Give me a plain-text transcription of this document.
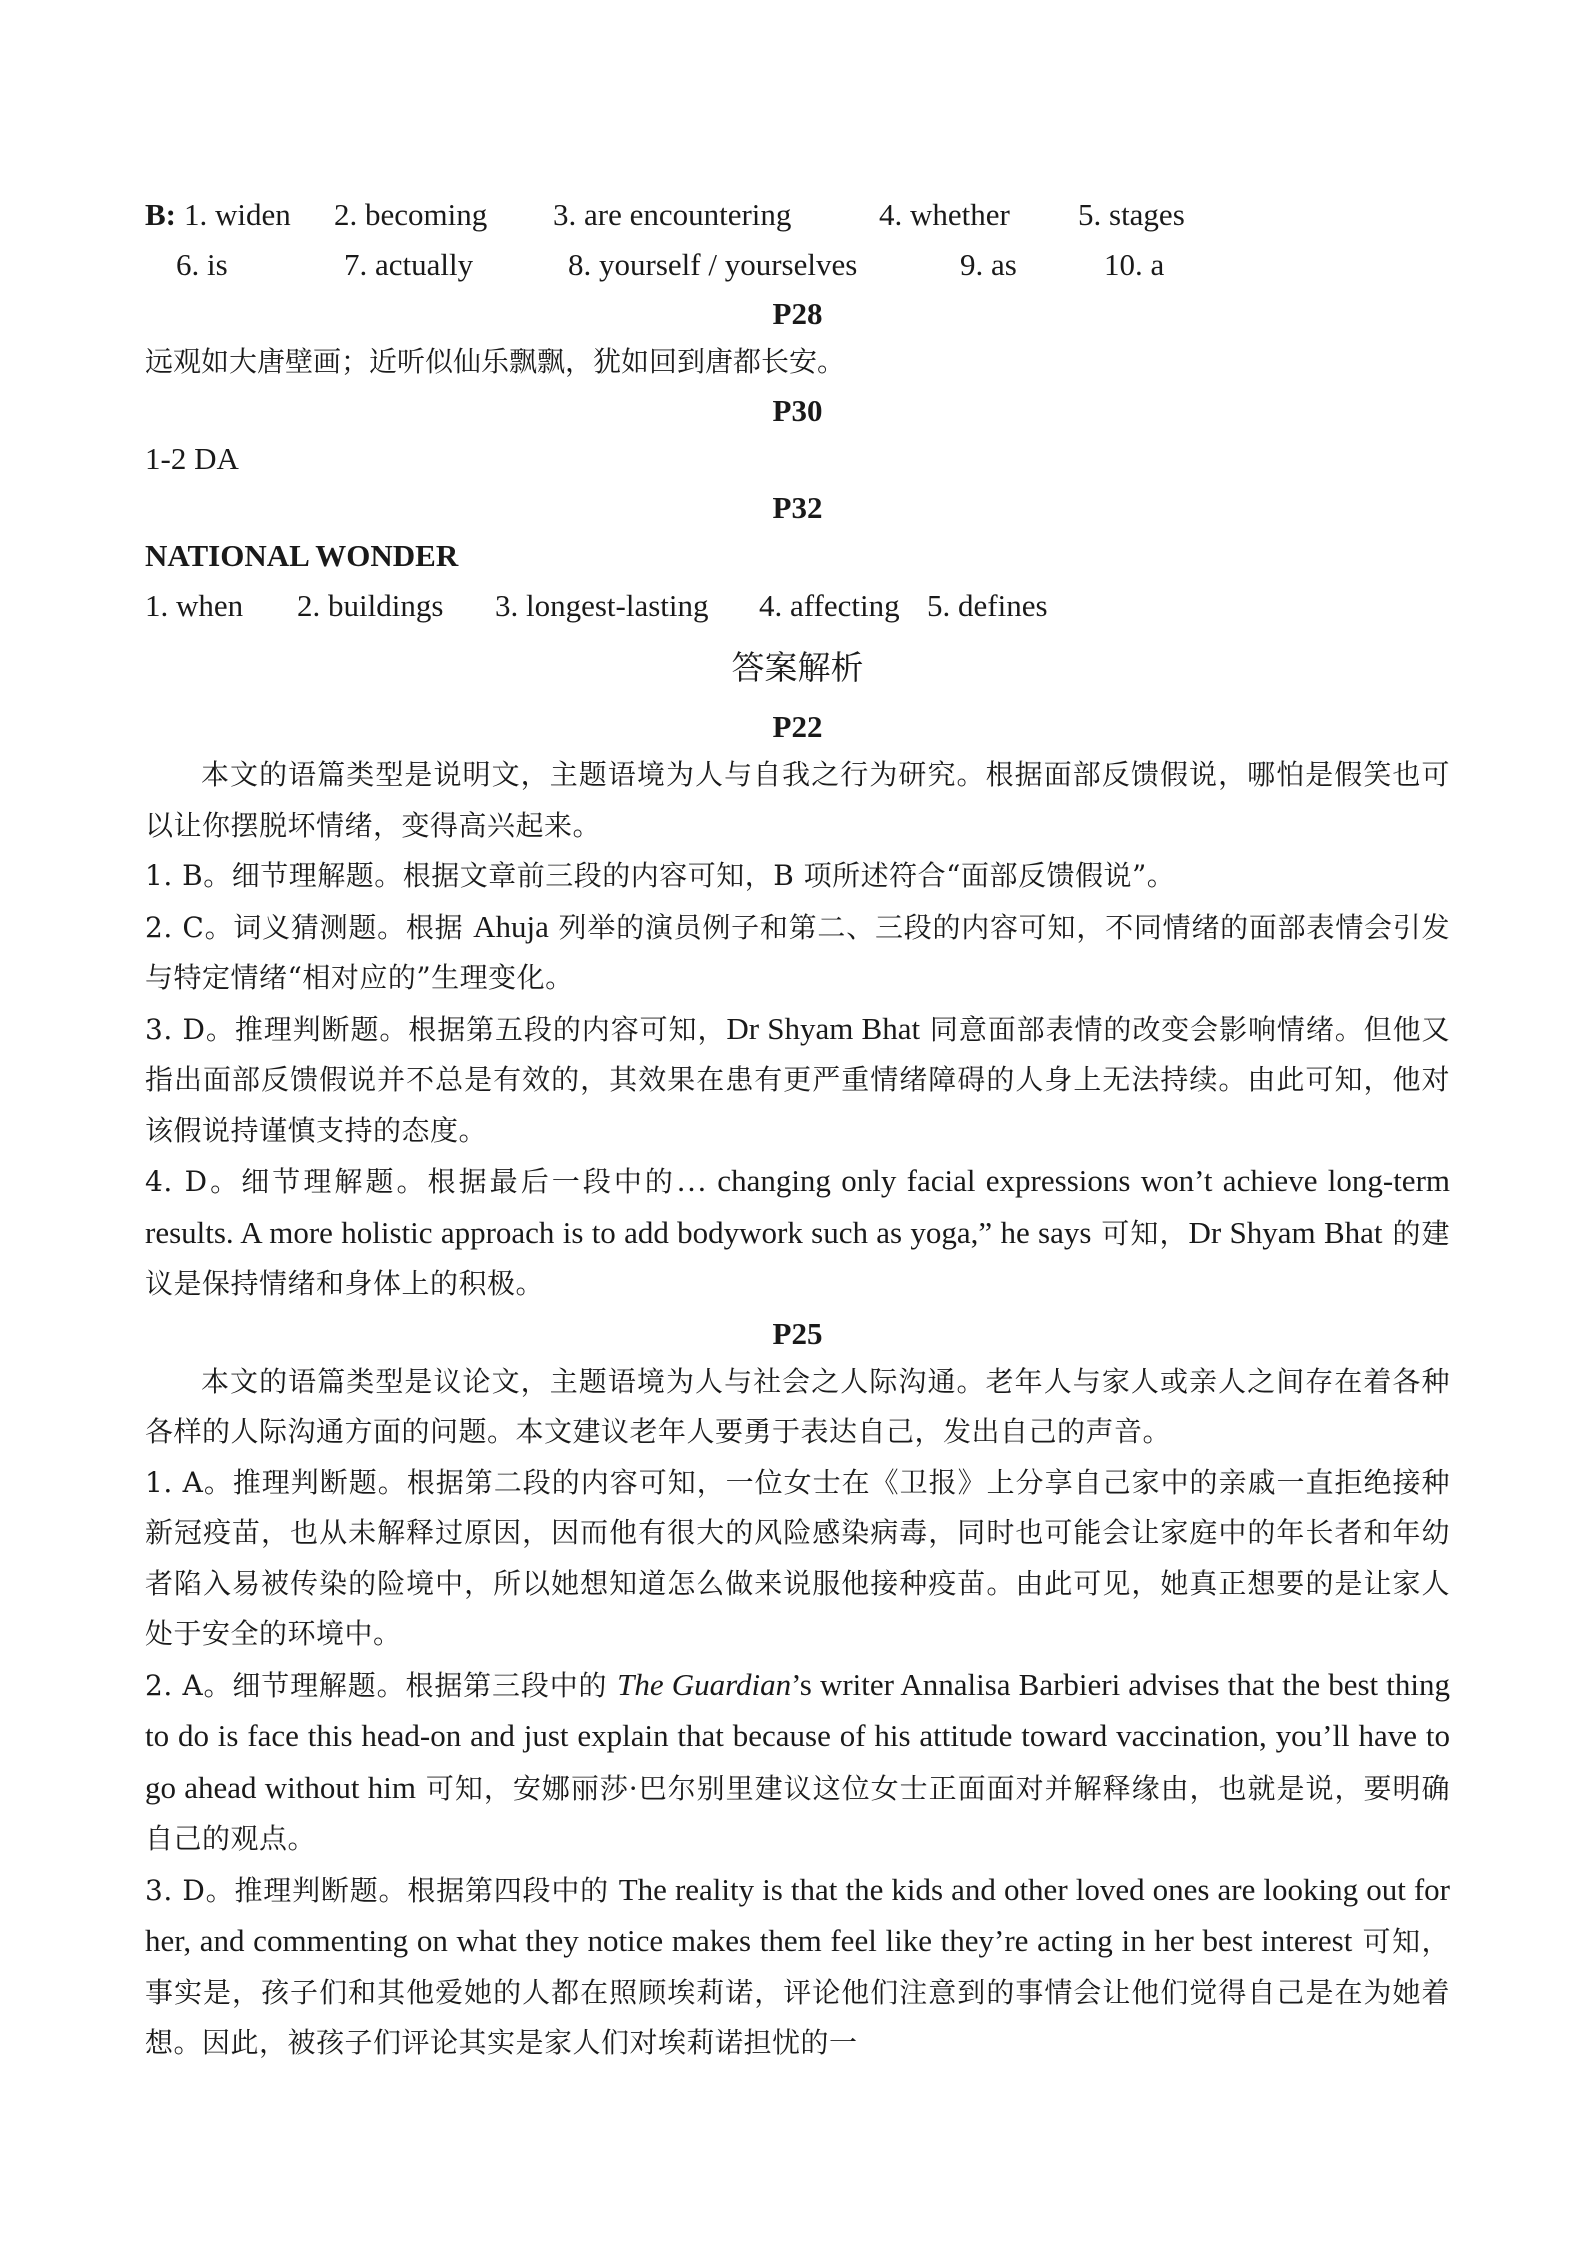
B: 1. widen	2. becoming	3. are encountering	4. whether	5. stages
6. is	7. actually	8. yourself / yourselves	9. as	10. a
P28
远观如大唐壁画；近听似仙乐飘飘，犹如回到唐都长安。
P30
1-2 DA
P32
NATIONAL WONDER
1. when	2. buildings	3. longest-lasting	4. affecting 5. defines
答案解析
P22
本文的语篇类型是说明文，主题语境为人与自我之行为研究。根据面部反馈假说，哪怕是假笑也可以让你摆脱坏情绪，变得高兴起来。
1. B。细节理解题。根据文章前三段的内容可知，B 项所述符合“面部反馈假说”。
2. C。词义猜测题。根据 Ahuja 列举的演员例子和第二、三段的内容可知，不同情绪的面部表情会引发与特定情绪“相对应的”生理变化。
3. D。推理判断题。根据第五段的内容可知，Dr Shyam Bhat 同意面部表情的改变会影响情绪。但他又指出面部反馈假说并不总是有效的，其效果在患有更严重情绪障碍的人身上无法持续。由此可知，他对该假说持谨慎支持的态度。
4. D。细节理解题。根据最后一段中的… changing only facial expressions won’t achieve long-term results. A more holistic approach is to add bodywork such as yoga,” he says 可知，Dr Shyam Bhat 的建议是保持情绪和身体上的积极。
P25
本文的语篇类型是议论文，主题语境为人与社会之人际沟通。老年人与家人或亲人之间存在着各种各样的人际沟通方面的问题。本文建议老年人要勇于表达自己，发出自己的声音。
1. A。推理判断题。根据第二段的内容可知，一位女士在《卫报》上分享自己家中的亲戚一直拒绝接种新冠疫苗，也从未解释过原因，因而他有很大的风险感染病毒，同时也可能会让家庭中的年长者和年幼者陷入易被传染的险境中，所以她想知道怎么做来说服他接种疫苗。由此可见，她真正想要的是让家人处于安全的环境中。
2. A。细节理解题。根据第三段中的 The Guardian’s writer Annalisa Barbieri advises that the best thing to do is face this head-on and just explain that because of his attitude toward vaccination, you’ll have to go ahead without him 可知，安娜丽莎·巴尔别里建议这位女士正面面对并解释缘由，也就是说，要明确自己的观点。
3. D。推理判断题。根据第四段中的 The reality is that the kids and other loved ones are looking out for her, and commenting on what they notice makes them feel like they’re acting in her best interest 可知，事实是，孩子们和其他爱她的人都在照顾埃莉诺，评论他们注意到的事情会让他们觉得自己是在为她着想。因此，被孩子们评论其实是家人们对埃莉诺担忧的一
